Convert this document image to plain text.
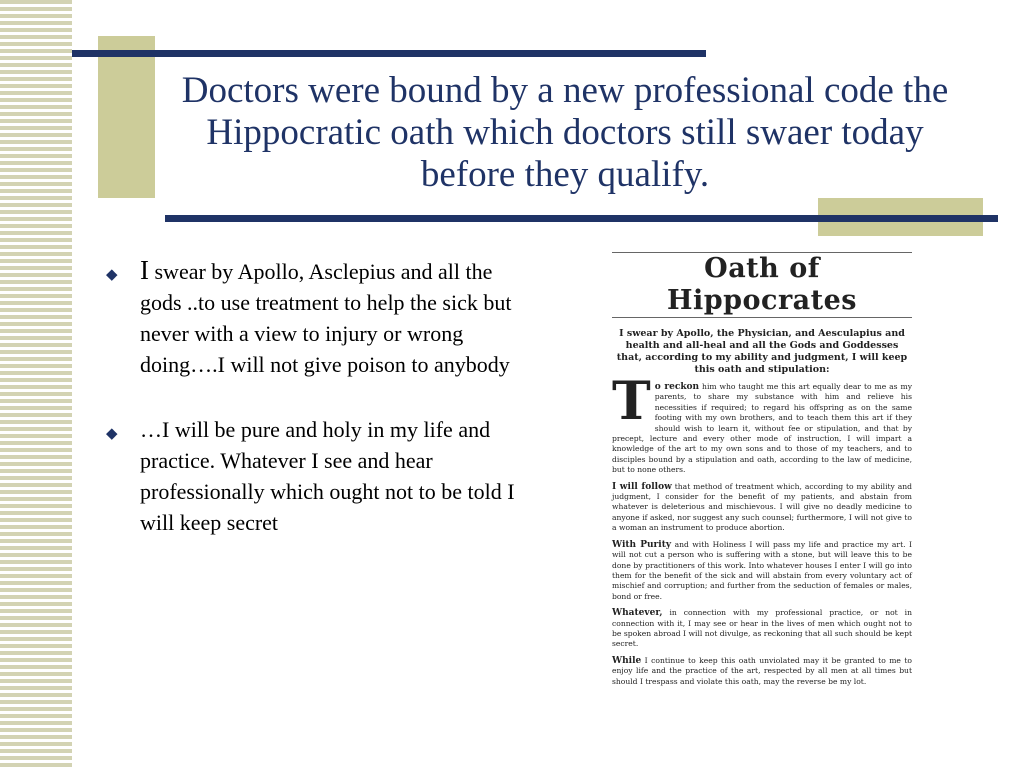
Doctors were bound by a new professional code the Hippocratic oath which doctors still swaer today before they qualify.
◆ I swear by Apollo, Asclepius and all the gods ..to use treatment to help the sick but never with a view to injury or wrong doing….I will not give poison to anybody
◆ …I will be pure and holy in my life and practice. Whatever I see and hear professionally which ought not to be told I will keep secret
Oath of Hippocrates
I swear by Apollo, the Physician, and Aesculapius and health and all-heal and all the Gods and Goddesses that, according to my ability and judgment, I will keep this oath and stipulation:
T o reckon him who taught me this art equally dear to me as my parents, to share my substance with him and relieve his necessities if required; to regard his offspring as on the same footing with my own brothers, and to teach them this art if they should wish to learn it, without fee or stipulation, and that by precept, lecture and every other mode of instruction, I will impart a knowledge of the art to my own sons and to those of my teachers, and to disciples bound by a stipulation and oath, according to the law of medicine, but to none others.
I will follow that method of treatment which, according to my ability and judgment, I consider for the benefit of my patients, and abstain from whatever is deleterious and mischievous. I will give no deadly medicine to anyone if asked, nor suggest any such counsel; furthermore, I will not give to a woman an instrument to produce abortion.
With Purity and with Holiness I will pass my life and practice my art. I will not cut a person who is suffering with a stone, but will leave this to be done by practitioners of this work. Into whatever houses I enter I will go into them for the benefit of the sick and will abstain from every voluntary act of mischief and corruption; and further from the seduction of females or males, bond or free.
Whatever, in connection with my professional practice, or not in connection with it, I may see or hear in the lives of men which ought not to be spoken abroad I will not divulge, as reckoning that all such should be kept secret.
While I continue to keep this oath unviolated may it be granted to me to enjoy life and the practice of the art, respected by all men at all times but should I trespass and violate this oath, may the reverse be my lot.
